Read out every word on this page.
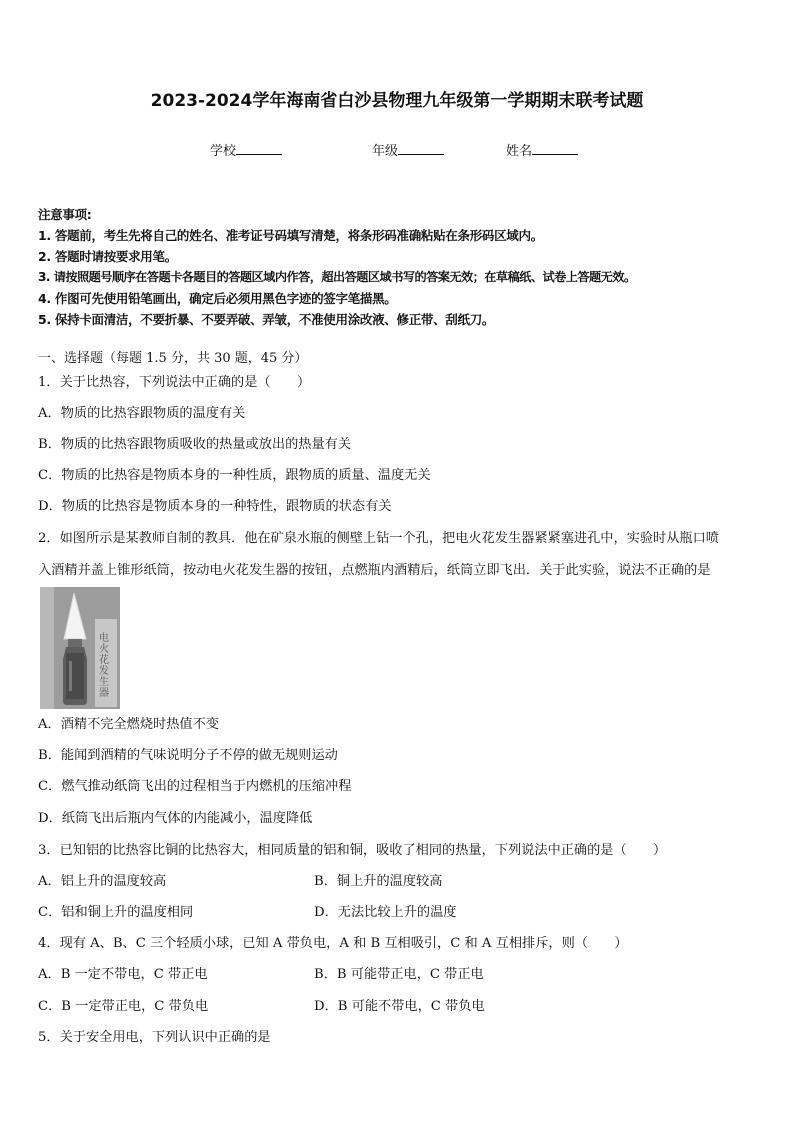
2023-2024学年海南省白沙县物理九年级第一学期期末联考试题
学校	年级	姓名
注意事项:
1. 答题前，考生先将自己的姓名、准考证号码填写清楚，将条形码准确粘贴在条形码区域内。
2. 答题时请按要求用笔。
3. 请按照题号顺序在答题卡各题目的答题区域内作答，超出答题区域书写的答案无效；在草稿纸、试卷上答题无效。
4. 作图可先使用铅笔画出，确定后必须用黑色字迹的签字笔描黑。
5. 保持卡面清洁，不要折暴、不要弄破、弄皱，不准使用涂改液、修正带、刮纸刀。
一、选择题（每题 1.5 分，共 30 题，45 分）
1．关于比热容，下列说法中正确的是（　　）
A．物质的比热容跟物质的温度有关
B．物质的比热容跟物质吸收的热量或放出的热量有关
C．物质的比热容是物质本身的一种性质，跟物质的质量、温度无关
D．物质的比热容是物质本身的一种特性，跟物质的状态有关
2．如图所示是某教师自制的教具．他在矿泉水瓶的侧壁上钻一个孔，把电火花发生器紧紧塞进孔中，实验时从瓶口喷
入酒精并盖上锥形纸筒，按动电火花发生器的按钮，点燃瓶内酒精后，纸筒立即飞出．关于此实验，说法不正确的是
电火花发生器
A．酒精不完全燃烧时热值不变
B．能闻到酒精的气味说明分子不停的做无规则运动
C．燃气推动纸筒飞出的过程相当于内燃机的压缩冲程
D．纸筒飞出后瓶内气体的内能减小，温度降低
3．已知铝的比热容比铜的比热容大，相同质量的铝和铜，吸收了相同的热量，下列说法中正确的是（　　）
A．铝上升的温度较高	B．铜上升的温度较高
C．铝和铜上升的温度相同	D．无法比较上升的温度
4．现有 A、B、C 三个轻质小球，已知 A 带负电，A 和 B 互相吸引，C 和 A 互相排斥，则（　　）
A．B 一定不带电，C 带正电	B．B 可能带正电，C 带正电
C．B 一定带正电，C 带负电	D．B 可能不带电，C 带负电
5．关于安全用电，下列认识中正确的是
